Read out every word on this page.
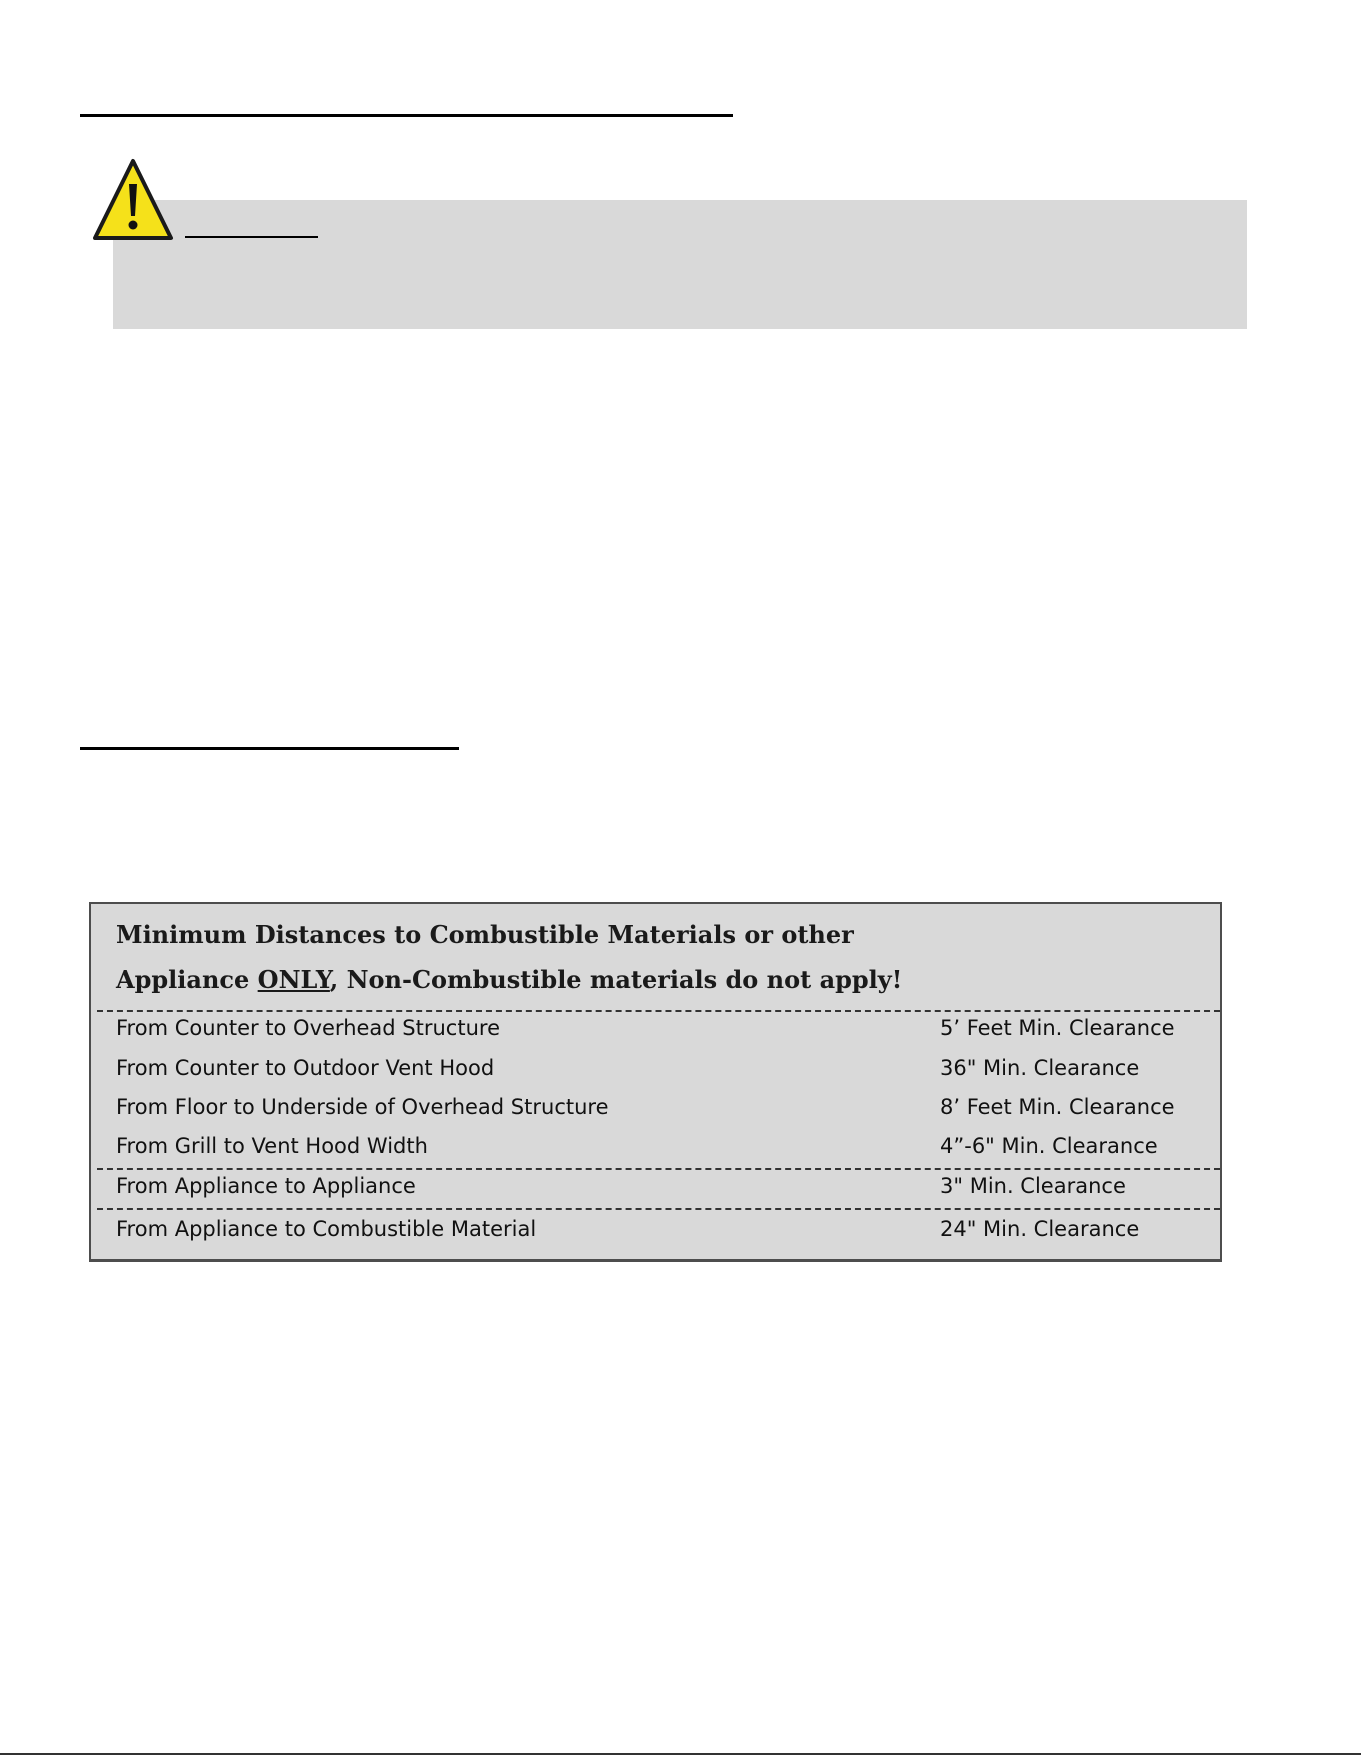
Minimum Distances to Combustible Materials or other
Appliance ONLY, Non-Combustible materials do not apply!
From Counter to Overhead Structure	5’ Feet Min. Clearance
From Counter to Outdoor Vent Hood	36" Min. Clearance
From Floor to Underside of Overhead Structure	8’ Feet Min. Clearance
From Grill to Vent Hood Width	4”-6" Min. Clearance
From Appliance to Appliance	3" Min. Clearance
From Appliance to Combustible Material	24" Min. Clearance
